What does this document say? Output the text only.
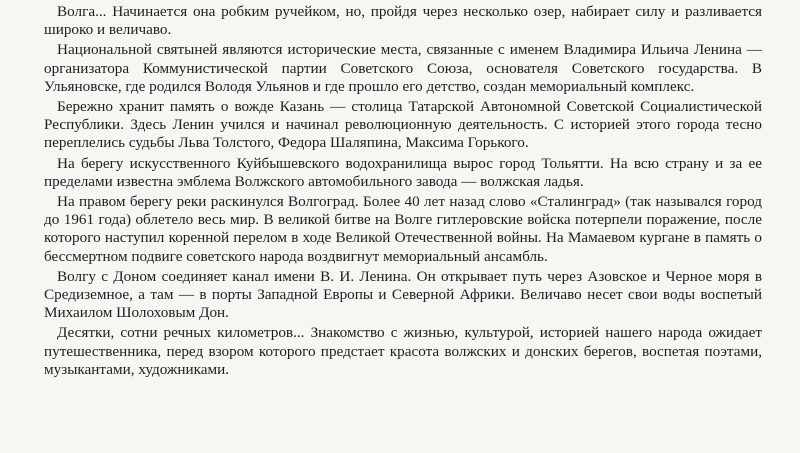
Волга... Начинается она робким ручейком, но, пройдя через несколько озер, набирает силу и разливается широко и величаво.

Национальной святыней являются исторические места, связанные с именем Владимира Ильича Ленина — организатора Коммунистической партии Советского Союза, основателя Советского государства. В Ульяновске, где родился Володя Ульянов и где прошло его детство, создан мемориальный комплекс.

Бережно хранит память о вожде Казань — столица Татарской Автономной Советской Социалистической Республики. Здесь Ленин учился и начинал революционную деятельность. С историей этого города тесно переплелись судьбы Льва Толстого, Федора Шаляпина, Максима Горького.

На берегу искусственного Куйбышевского водохранилища вырос город Тольятти. На всю страну и за ее пределами известна эмблема Волжского автомобильного завода — волжская ладья.

На правом берегу реки раскинулся Волгоград. Более 40 лет назад слово «Сталинград» (так назывался город до 1961 года) облетело весь мир. В великой битве на Волге гитлеровские войска потерпели поражение, после которого наступил коренной перелом в ходе Великой Отечественной войны. На Мамаевом кургане в память о бессмертном подвиге советского народа воздвигнут мемориальный ансамбль.

Волгу с Доном соединяет канал имени В. И. Ленина. Он открывает путь через Азовское и Черное моря в Средиземное, а там — в порты Западной Европы и Северной Африки. Величаво несет свои воды воспетый Михаилом Шолоховым Дон.

Десятки, сотни речных километров... Знакомство с жизнью, культурой, историей нашего народа ожидает путешественника, перед взором которого предстает красота волжских и донских берегов, воспетая поэтами, музыкантами, художниками.
